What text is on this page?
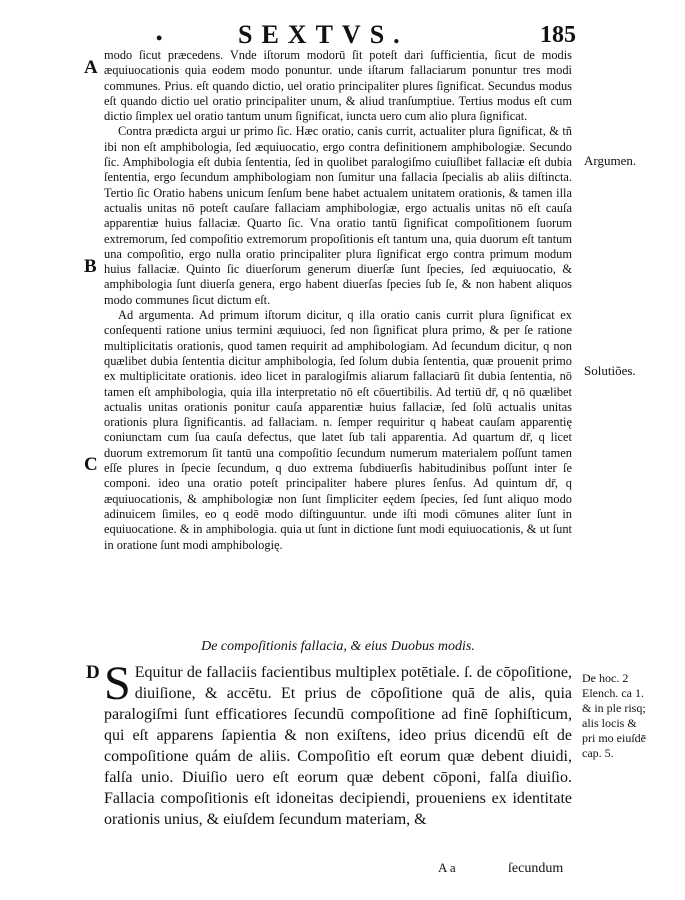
•	SEXTVS.	185
A
B
C
D
Argumen.
Solutiões.
De hoc. 2 Elench. ca 1. & in ple risq; alis locis & pri mo eiuſdē cap. 5.

modo ſicut præcedens. Vnde iſtorum modorū ſit poteſt dari ſufficientia, ſicut de modis æquiuocationis quia eodem modo ponuntur. unde iſtarum fallaciarum ponuntur tres modi communes. Prius. eſt quando dictio, uel oratio principaliter plures ſignificat. Secundus modus eſt quando dictio uel oratio principaliter unum, & aliud tranſumptiue. Tertius modus eſt cum dictio ſimplex uel oratio tantum unum ſignificat, iuncta uero cum alio plura ſignificat.

Contra prædicta argui ur primo ſic. Hæc oratio, canis currit, actualiter plura ſignificat, & tñ ibi non eſt amphibologia, ſed æquiuocatio, ergo contra definitionem amphibologiæ. Secundo ſic. Amphibologia eſt dubia ſententia, ſed in quolibet paralogiſmo cuiuſlibet fallaciæ eſt dubia ſententia, ergo ſecundum amphibologiam non ſumitur una fallacia ſpecialis ab aliis diſtincta. Tertio ſic Oratio habens unicum ſenſum bene habet actualem unitatem orationis, & tamen illa actualis unitas nō poteſt cauſare fallaciam amphibologiæ, ergo actualis unitas nō eſt cauſa apparentiæ huius fallaciæ. Quarto ſic. Vna oratio tantū ſignificat compoſitionem ſuorum extremorum, ſed compoſitio extremorum propoſitionis eſt tantum una, quia duorum eſt tantum una compoſitio, ergo nulla oratio principaliter plura ſignificat ergo contra primum modum huius fallaciæ. Quinto ſic diuerſorum generum diuerſæ ſunt ſpecies, ſed æquiuocatio, & amphibologia ſunt diuerſa genera, ergo habent diuerſas ſpecies ſub ſe, & non habent aliquos modo communes ſicut dictum eſt.

Ad argumenta. Ad primum iſtorum dicitur, q illa oratio canis currit plura ſignificat ex conſequenti ratione unius termini æquiuoci, ſed non ſignificat plura primo, & per ſe ratione multiplicitatis orationis, quod tamen requirit ad amphibologiam. Ad ſecundum dicitur, q non quælibet dubia ſententia dicitur amphibologia, ſed ſolum dubia ſententia, quæ prouenit primo ex multiplicitate orationis. ideo licet in paralogiſmis aliarum fallaciarū ſit dubia ſententia, nō tamen eſt amphibologia, quia illa interpretatio nō eſt cōuertibilis. Ad tertiū dr̄, q nō quælibet actualis unitas orationis ponitur cauſa apparentiæ huius fallaciæ, ſed ſolū actualis unitas orationis plura ſignificantis. ad fallaciam. n. ſemper requiritur q habeat cauſam apparentię coniunctam cum ſua cauſa defectus, que latet ſub tali apparentia. Ad quartum dr̄, q licet duorum extremorum ſit tantū una compoſitio ſecundum numerum materialem poſſunt tamen eſſe plures in ſpecie ſecundum, q duo extrema ſubdiuerſis habitudinibus poſſunt inter ſe componi. ideo una oratio poteſt principaliter habere plures ſenſus. Ad quintum dr̄, q æquiuocationis, & amphibologiæ non ſunt ſimpliciter eędem ſpecies, ſed ſunt aliquo modo adinuicem ſimiles, eo q eodē modo diſtinguuntur. unde iſti modi cōmunes aliter ſunt in equiuocatione. & in amphibologia. quia ut ſunt in dictione ſunt modi equiuocationis, & ut ſunt in oratione ſunt modi amphibologię.

De compoſitionis fallacia, & eius Duobus modis.
S Equitur de fallaciis facientibus multiplex potētiale. ſ. de cōpoſitione, diuiſione, & accētu. Et prius de cōpoſitione quā de alis, quia paralogiſmi ſunt efficatiores ſecundū compoſitione ad finē ſophiſticum, qui eſt apparens ſapientia & non exiſtens, ideo prius dicendū eſt de compoſitione quám de aliis. Compoſitio eſt eorum quæ debent diuidi, falſa unio. Diuiſio uero eſt eorum quæ debent cōponi, falſa diuiſio. Fallacia compoſitionis eſt idoneitas decipiendi, proueniens ex identitate orationis unius, & eiuſdem ſecundum materiam, &
A a	ſecundum
